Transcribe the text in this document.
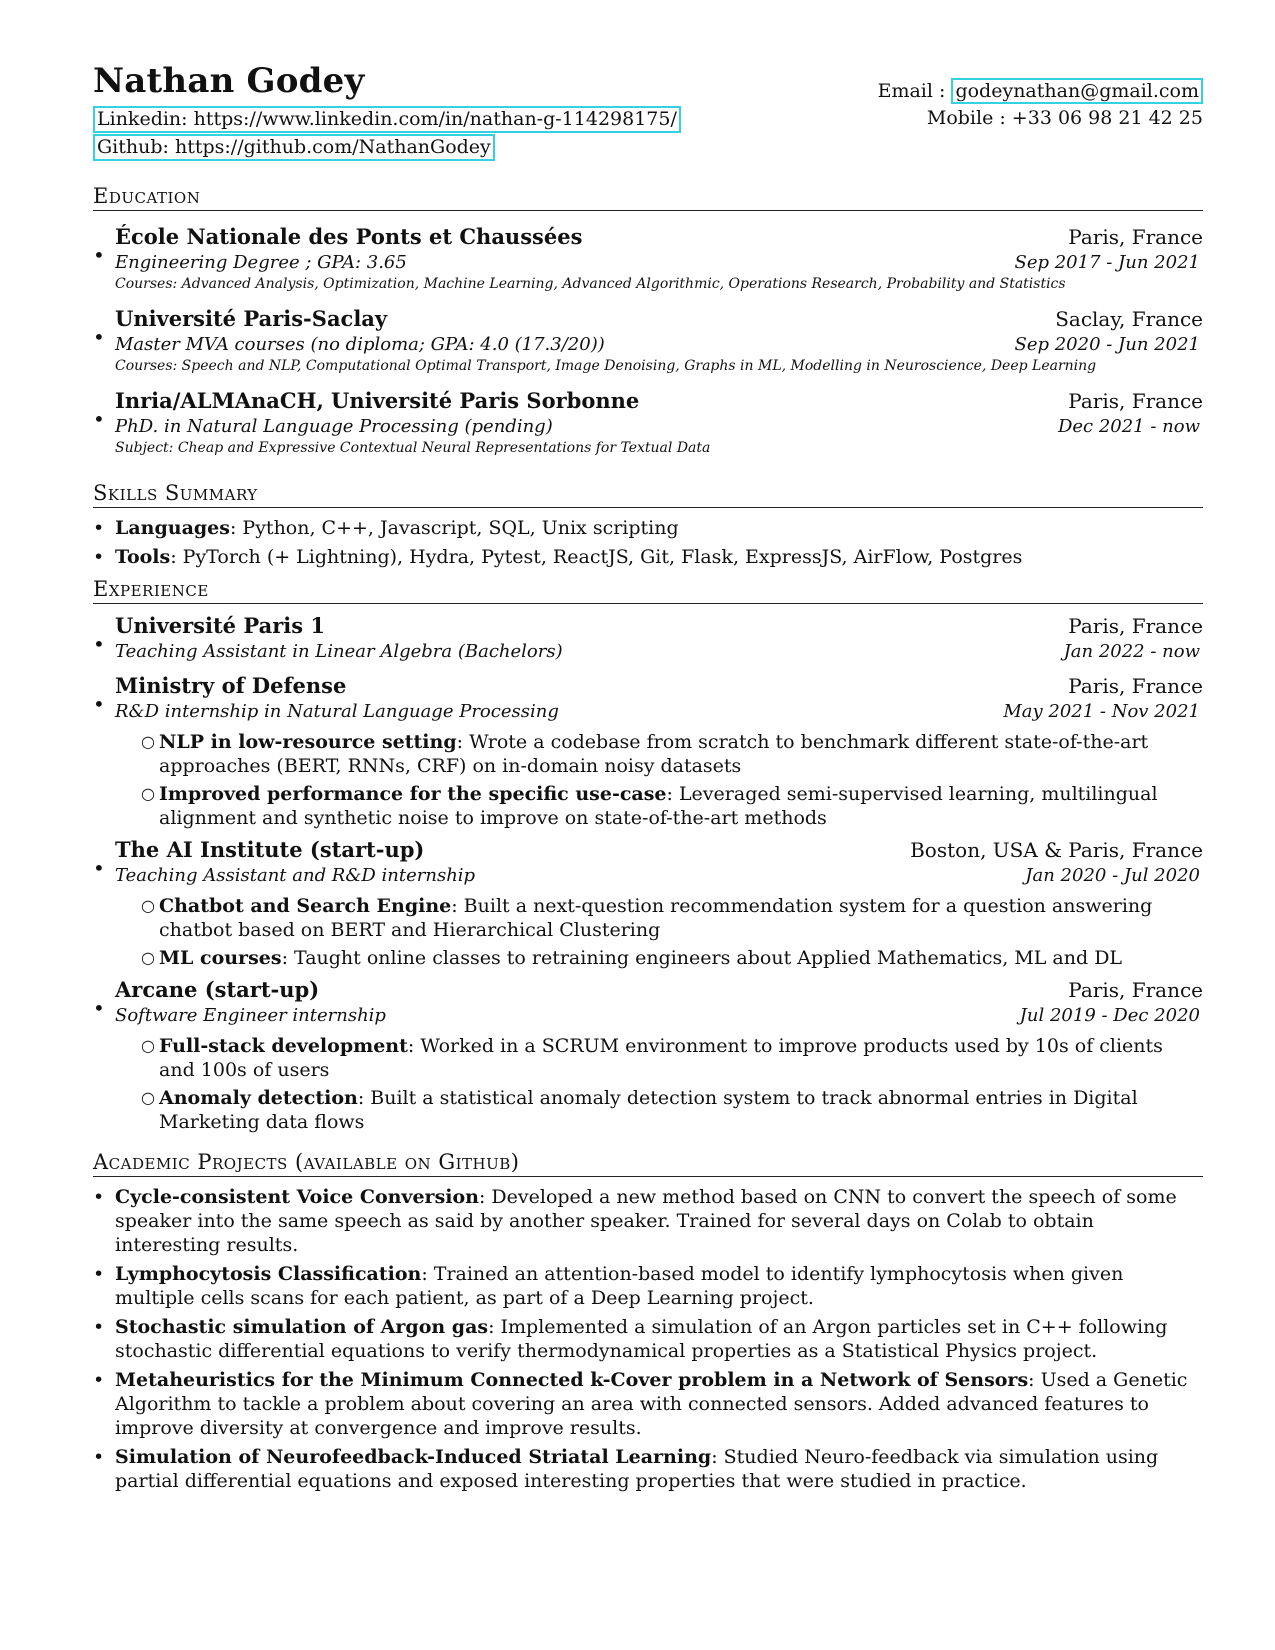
Nathan Godey
Linkedin: https://www.linkedin.com/in/nathan-g-114298175/
Github: https://github.com/NathanGodey
Email : godeynathan@gmail.com
Mobile : +33 06 98 21 42 25
Education
•
École Nationale des Ponts et Chaussées	Paris, France
Engineering Degree ; GPA: 3.65	Sep 2017 - Jun 2021
Courses: Advanced Analysis, Optimization, Machine Learning, Advanced Algorithmic, Operations Research, Probability and Statistics
•
Université Paris-Saclay	Saclay, France
Master MVA courses (no diploma; GPA: 4.0 (17.3/20))	Sep 2020 - Jun 2021
Courses: Speech and NLP, Computational Optimal Transport, Image Denoising, Graphs in ML, Modelling in Neuroscience, Deep Learning
•
Inria/ALMAnaCH, Université Paris Sorbonne	Paris, France
PhD. in Natural Language Processing (pending)	Dec 2021 - now
Subject: Cheap and Expressive Contextual Neural Representations for Textual Data
Skills Summary
• Languages: Python, C++, Javascript, SQL, Unix scripting
• Tools: PyTorch (+ Lightning), Hydra, Pytest, ReactJS, Git, Flask, ExpressJS, AirFlow, Postgres
Experience
•
Université Paris 1	Paris, France
Teaching Assistant in Linear Algebra (Bachelors)	Jan 2022 - now
•
Ministry of Defense	Paris, France
R&D internship in Natural Language Processing	May 2021 - Nov 2021
○ NLP in low-resource setting: Wrote a codebase from scratch to benchmark different state-of-the-art approaches (BERT, RNNs, CRF) on in-domain noisy datasets
○ Improved performance for the specific use-case: Leveraged semi-supervised learning, multilingual alignment and synthetic noise to improve on state-of-the-art methods
•
The AI Institute (start-up)	Boston, USA & Paris, France
Teaching Assistant and R&D internship	Jan 2020 - Jul 2020
○ Chatbot and Search Engine: Built a next-question recommendation system for a question answering chatbot based on BERT and Hierarchical Clustering
○ ML courses: Taught online classes to retraining engineers about Applied Mathematics, ML and DL
•
Arcane (start-up)	Paris, France
Software Engineer internship	Jul 2019 - Dec 2020
○ Full-stack development: Worked in a SCRUM environment to improve products used by 10s of clients and 100s of users
○ Anomaly detection: Built a statistical anomaly detection system to track abnormal entries in Digital Marketing data flows
Academic Projects (available on Github)
• Cycle-consistent Voice Conversion: Developed a new method based on CNN to convert the speech of some speaker into the same speech as said by another speaker. Trained for several days on Colab to obtain interesting results.
• Lymphocytosis Classification: Trained an attention-based model to identify lymphocytosis when given multiple cells scans for each patient, as part of a Deep Learning project.
• Stochastic simulation of Argon gas: Implemented a simulation of an Argon particles set in C++ following stochastic differential equations to verify thermodynamical properties as a Statistical Physics project.
• Metaheuristics for the Minimum Connected k-Cover problem in a Network of Sensors: Used a Genetic Algorithm to tackle a problem about covering an area with connected sensors. Added advanced features to improve diversity at convergence and improve results.
• Simulation of Neurofeedback-Induced Striatal Learning: Studied Neuro-feedback via simulation using partial differential equations and exposed interesting properties that were studied in practice.
